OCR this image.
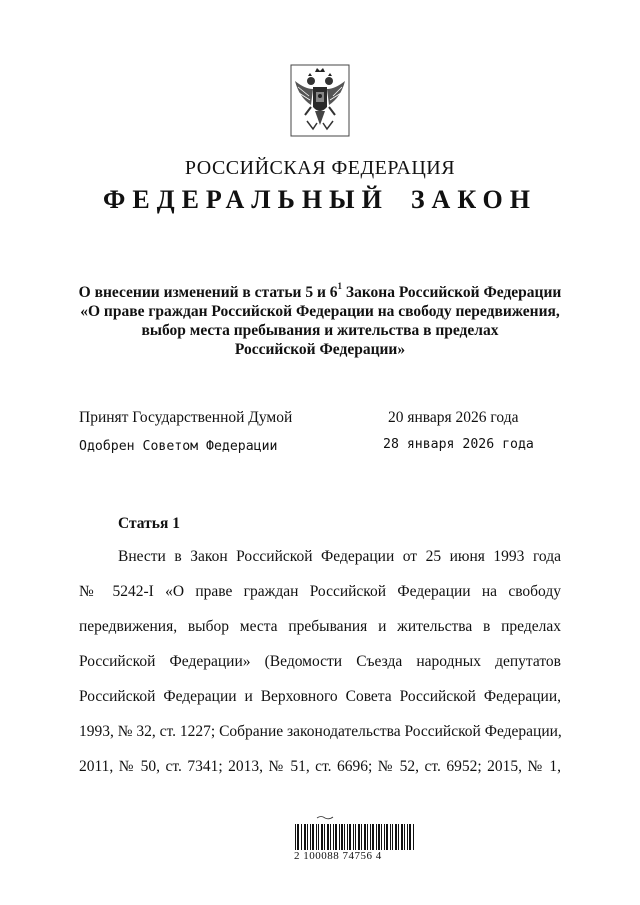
РОССИЙСКАЯ ФЕДЕРАЦИЯ
ФЕДЕРАЛЬНЫЙ ЗАКОН
О внесении изменений в статьи 5 и $6^1$ Закона Российской Федерации
«О праве граждан Российской Федерации на свободу передвижения,
выбор места пребывания и жительства в пределах
Российской Федерации»
Принят Государственной Думой	20 января 2026 года
Одобрен Советом Федерации	28 января 2026 года
Статья 1
Внести в Закон Российской Федерации от 25 июня 1993 года
№ 5242-I «О праве граждан Российской Федерации на свободу
передвижения, выбор места пребывания и жительства в пределах
Российской Федерации» (Ведомости Съезда народных депутатов
Российской Федерации и Верховного Совета Российской Федерации,
1993, № 32, ст. 1227; Собрание законодательства Российской Федерации,
2011, № 50, ст. 7341; 2013, № 51, ст. 6696; № 52, ст. 6952; 2015, № 1,
2 100088 74756 4
